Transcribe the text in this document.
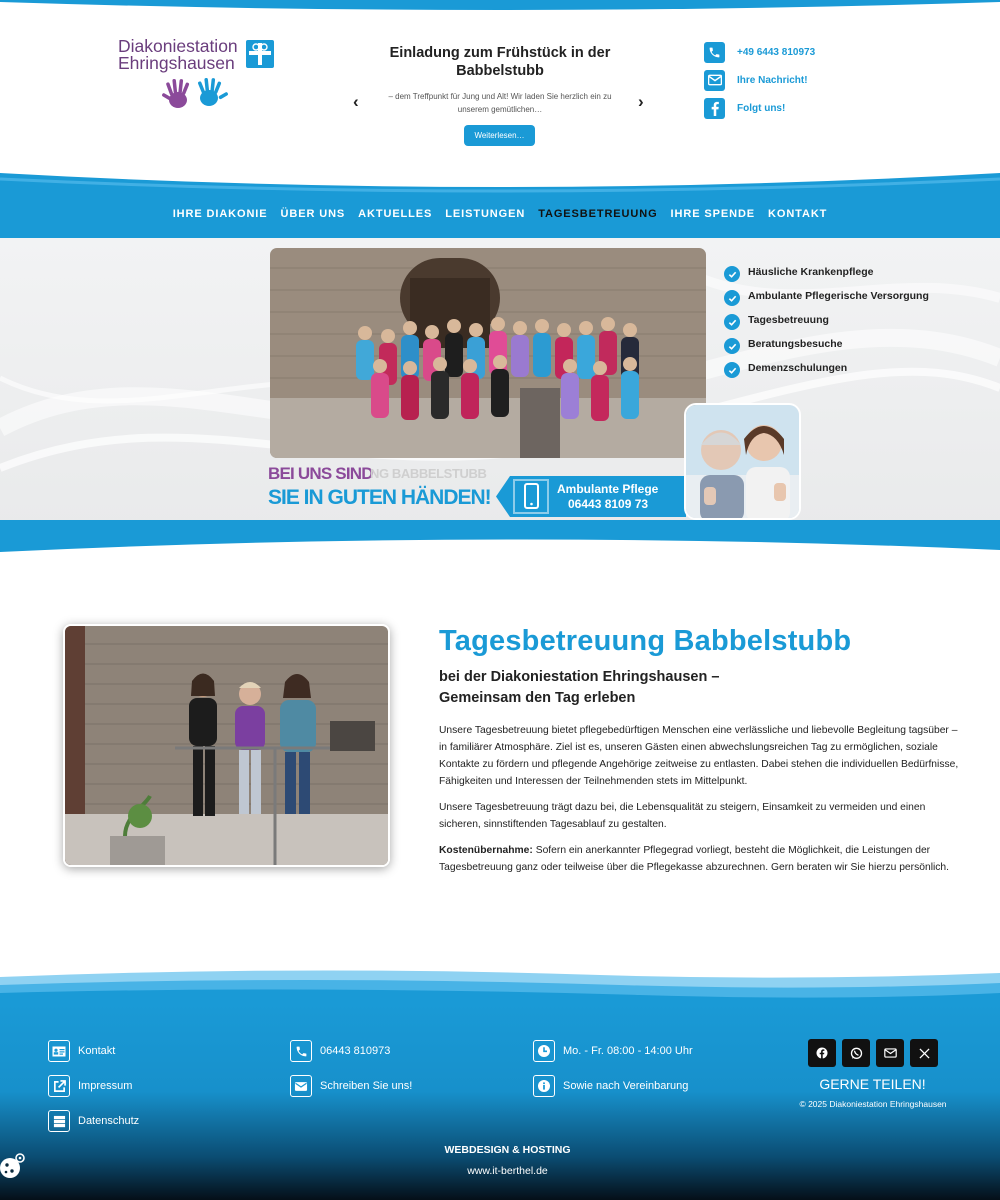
Diakoniestation
Ehringshausen
‹
Einladung zum Frühstück in der Babbelstubb
– dem Treffpunkt für Jung und Alt! Wir laden Sie herzlich ein zu unserem gemütlichen…
Weiterlesen…
›
+49 6443 810973
Ihre Nachricht!
Folgt uns!
IHRE DIAKONIE ÜBER UNS AKTUELLES LEISTUNGEN TAGESBETREUUNG IHRE SPENDE KONTAKT
Häusliche Krankenpflege
Ambulante Pflegerische Versorgung
Tagesbetreuung
Beratungsbesuche
Demenzschulungen
BEI UNS SIND
NG BABBELSTUBB
SIE IN GUTEN HÄNDEN!	Ambulante Pflege
06443 8109 73
Tagesbetreuung Babbelstubb
bei der Diakoniestation Ehringshausen –
Gemeinsam den Tag erleben

Unsere Tagesbetreuung bietet pflegebedürftigen Menschen eine verlässliche und liebevolle Begleitung tagsüber – in familiärer Atmosphäre. Ziel ist es, unseren Gästen einen abwechslungsreichen Tag zu ermöglichen, soziale Kontakte zu fördern und pflegende Angehörige zeitweise zu entlasten. Dabei stehen die individuellen Bedürfnisse, Fähigkeiten und Interessen der Teilnehmenden stets im Mittelpunkt.

Unsere Tagesbetreuung trägt dazu bei, die Lebensqualität zu steigern, Einsamkeit zu vermeiden und einen sicheren, sinnstiftenden Tagesablauf zu gestalten.

Kostenübernahme: Sofern ein anerkannter Pflegegrad vorliegt, besteht die Möglichkeit, die Leistungen der Tagesbetreuung ganz oder teilweise über die Pflegekasse abzurechnen. Gern beraten wir Sie hierzu persönlich.

Kontakt
Impressum
Datenschutz
06443 810973
Schreiben Sie uns!
Mo. - Fr. 08:00 - 14:00 Uhr
Sowie nach Vereinbarung	GERNE TEILEN!
© 2025 Diakoniestation Ehringshausen
WEBDESIGN & HOSTING
www.it-berthel.de
